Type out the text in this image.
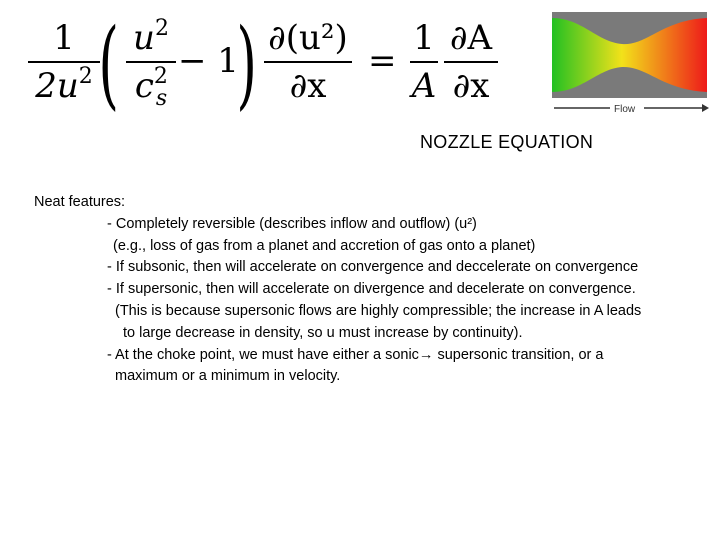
1
$2u^2$ ( $u^2$
$c^2_s$
− 1
) ∂(u²)
∂x
=
1
A
∂A
∂x
Flow
NOZZLE EQUATION
Neat features:
- Completely reversible (describes inflow and outflow) (u²)
(e.g., loss of gas from a planet and accretion of gas onto a planet)
- If subsonic, then will accelerate on convergence and deccelerate on convergence
- If supersonic, then will accelerate on divergence and decelerate on convergence.
(This is because supersonic flows are highly compressible; the increase in A leads
to large decrease in density, so u must increase by continuity).
- At the choke point, we must have either a sonic→ supersonic transition, or a
maximum or a minimum in velocity.
